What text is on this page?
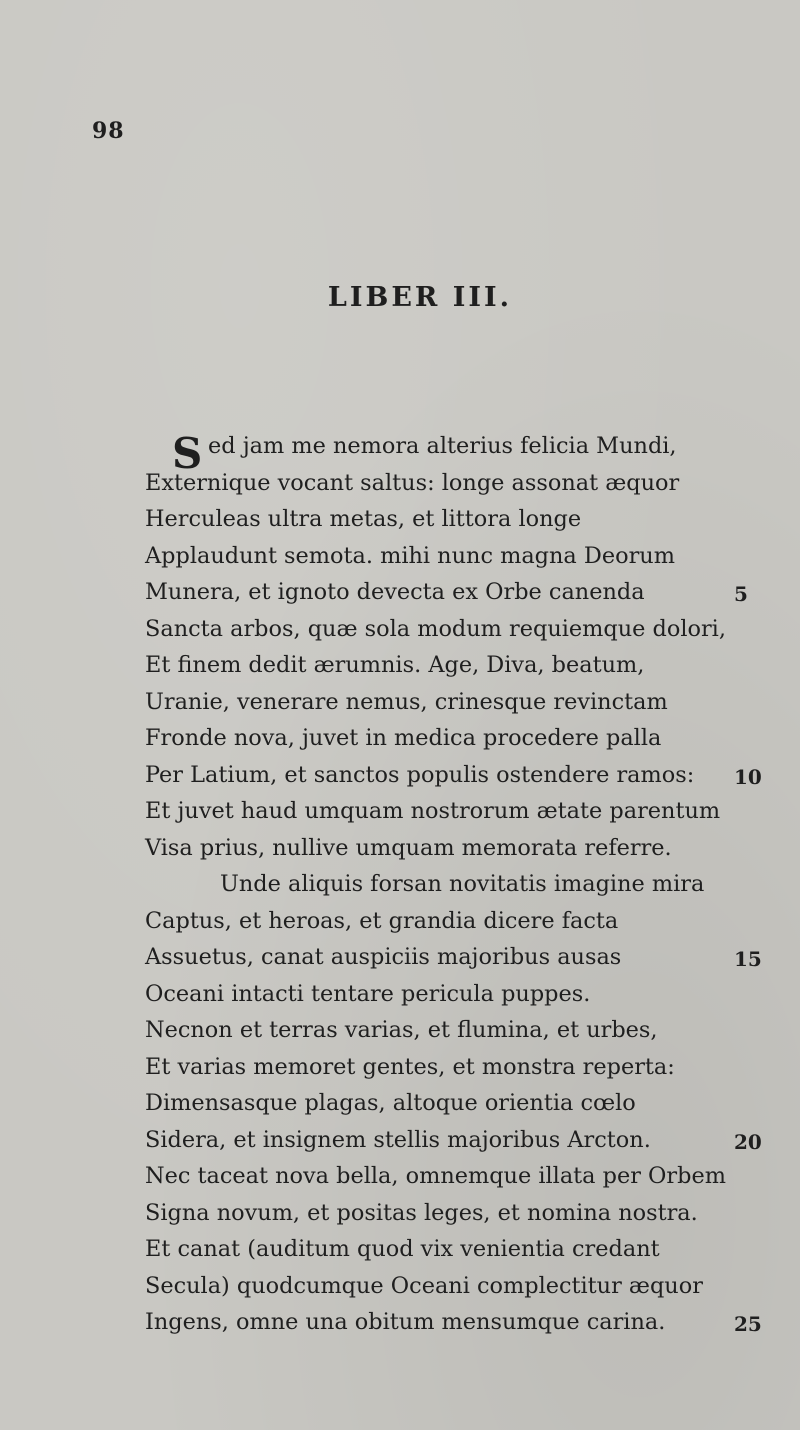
98
LIBER III.
S ed jam me nemora alterius felicia Mundi,
Externique vocant saltus: longe assonat æquor
Herculeas ultra metas, et littora longe
Applaudunt semota. mihi nunc magna Deorum
Munera, et ignoto devecta ex Orbe canenda
Sancta arbos, quæ sola modum requiemque dolori,
Et finem dedit ærumnis. Age, Diva, beatum,
Uranie, venerare nemus, crinesque revinctam
Fronde nova, juvet in medica procedere palla
Per Latium, et sanctos populis ostendere ramos:
Et juvet haud umquam nostrorum ætate parentum
Visa prius, nullive umquam memorata referre.
Unde aliquis forsan novitatis imagine mira
Captus, et heroas, et grandia dicere facta
Assuetus, canat auspiciis majoribus ausas
Oceani intacti tentare pericula puppes.
Necnon et terras varias, et flumina, et urbes,
Et varias memoret gentes, et monstra reperta:
Dimensasque plagas, altoque orientia cœlo
Sidera, et insignem stellis majoribus Arcton.
Nec taceat nova bella, omnemque illata per Orbem
Signa novum, et positas leges, et nomina nostra.
Et canat (auditum quod vix venientia credant
Secula) quodcumque Oceani complectitur æquor
Ingens, omne una obitum mensumque carina.
5
10
15
20
25
